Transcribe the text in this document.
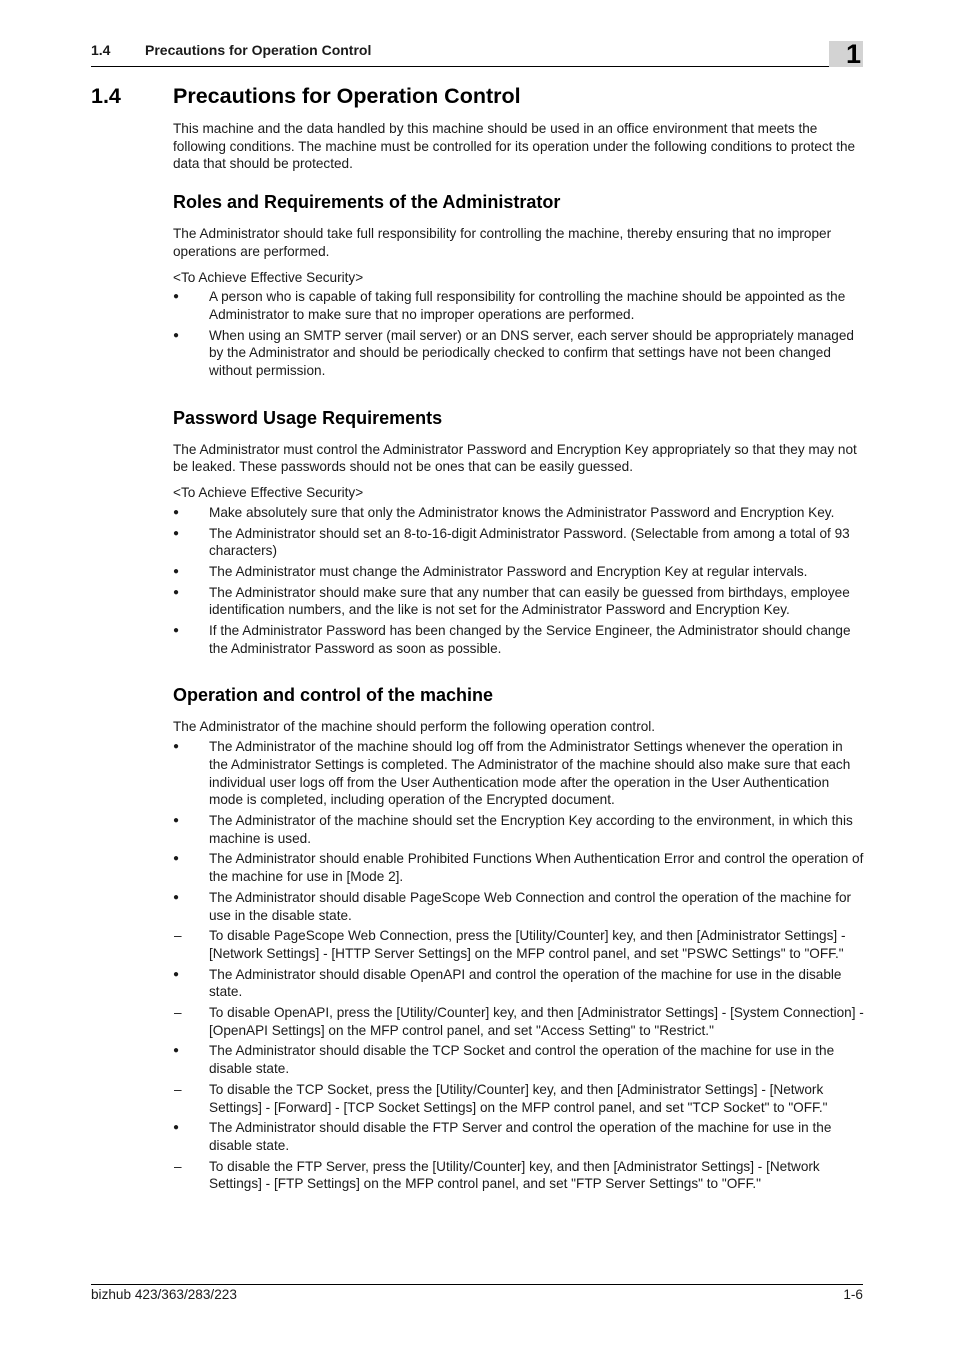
1.4 Precautions for Operation Control	1
1.4 Precautions for Operation Control

This machine and the data handled by this machine should be used in an office environment that meets the following conditions. The machine must be controlled for its operation under the following conditions to protect the data that should be protected.

Roles and Requirements of the Administrator

The Administrator should take full responsibility for controlling the machine, thereby ensuring that no improper operations are performed.

<To Achieve Effective Security>

● A person who is capable of taking full responsibility for controlling the machine should be appointed as the Administrator to make sure that no improper operations are performed.
● When using an SMTP server (mail server) or an DNS server, each server should be appropriately managed by the Administrator and should be periodically checked to confirm that settings have not been changed without permission.
Password Usage Requirements

The Administrator must control the Administrator Password and Encryption Key appropriately so that they may not be leaked. These passwords should not be ones that can be easily guessed.

<To Achieve Effective Security>

● Make absolutely sure that only the Administrator knows the Administrator Password and Encryption Key.
● The Administrator should set an 8-to-16-digit Administrator Password. (Selectable from among a total of 93 characters)
● The Administrator must change the Administrator Password and Encryption Key at regular intervals.
● The Administrator should make sure that any number that can easily be guessed from birthdays, employee identification numbers, and the like is not set for the Administrator Password and Encryption Key.
● If the Administrator Password has been changed by the Service Engineer, the Administrator should change the Administrator Password as soon as possible.
Operation and control of the machine

The Administrator of the machine should perform the following operation control.

● The Administrator of the machine should log off from the Administrator Settings whenever the operation in the Administrator Settings is completed. The Administrator of the machine should also make sure that each individual user logs off from the User Authentication mode after the operation in the User Authentication mode is completed, including operation of the Encrypted document.
● The Administrator of the machine should set the Encryption Key according to the environment, in which this machine is used.
● The Administrator should enable Prohibited Functions When Authentication Error and control the operation of the machine for use in [Mode 2].
● The Administrator should disable PageScope Web Connection and control the operation of the machine for use in the disable state.
– To disable PageScope Web Connection, press the [Utility/Counter] key, and then [Administrator Settings] - [Network Settings] - [HTTP Server Settings] on the MFP control panel, and set "PSWC Settings" to "OFF."
● The Administrator should disable OpenAPI and control the operation of the machine for use in the disable state.
– To disable OpenAPI, press the [Utility/Counter] key, and then [Administrator Settings] - [System Connection] - [OpenAPI Settings] on the MFP control panel, and set "Access Setting" to "Restrict."
● The Administrator should disable the TCP Socket and control the operation of the machine for use in the disable state.
– To disable the TCP Socket, press the [Utility/Counter] key, and then [Administrator Settings] - [Network Settings] - [Forward] - [TCP Socket Settings] on the MFP control panel, and set "TCP Socket" to "OFF."
● The Administrator should disable the FTP Server and control the operation of the machine for use in the disable state.
– To disable the FTP Server, press the [Utility/Counter] key, and then [Administrator Settings] - [Network Settings] - [FTP Settings] on the MFP control panel, and set "FTP Server Settings" to "OFF."
bizhub 423/363/283/223	1-6
